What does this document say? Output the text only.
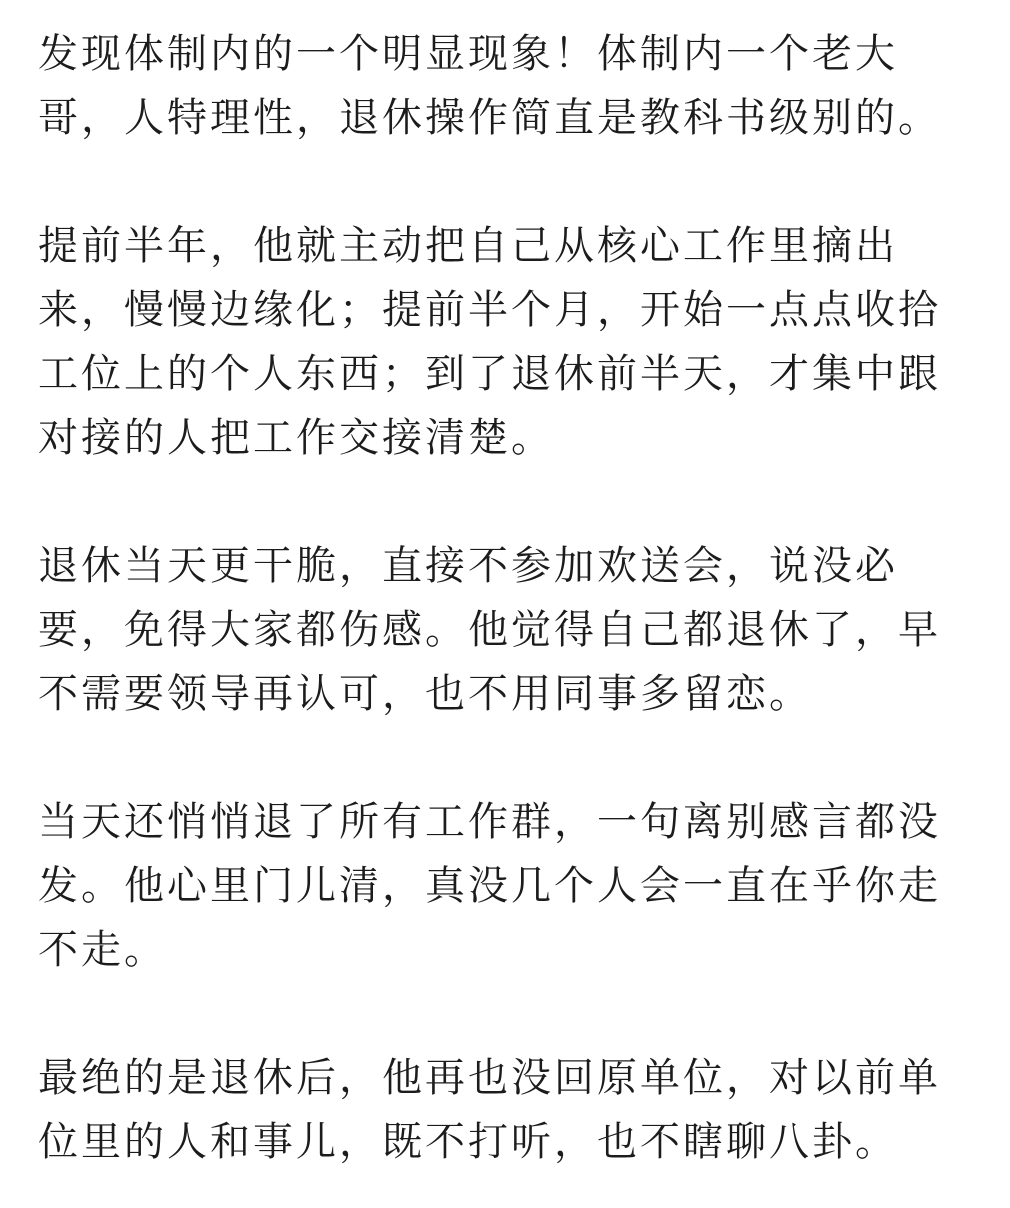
发现体制内的一个明显现象！体制内一个老大
哥，人特理性，退休操作简直是教科书级别的。
提前半年，他就主动把自己从核心工作里摘出
来，慢慢边缘化；提前半个月，开始一点点收拾
工位上的个人东西；到了退休前半天，才集中跟
对接的人把工作交接清楚。
退休当天更干脆，直接不参加欢送会，说没必
要，免得大家都伤感。他觉得自己都退休了，早
不需要领导再认可，也不用同事多留恋。
当天还悄悄退了所有工作群，一句离别感言都没
发。他心里门儿清，真没几个人会一直在乎你走
不走。
最绝的是退休后，他再也没回原单位，对以前单
位里的人和事儿，既不打听，也不瞎聊八卦。
